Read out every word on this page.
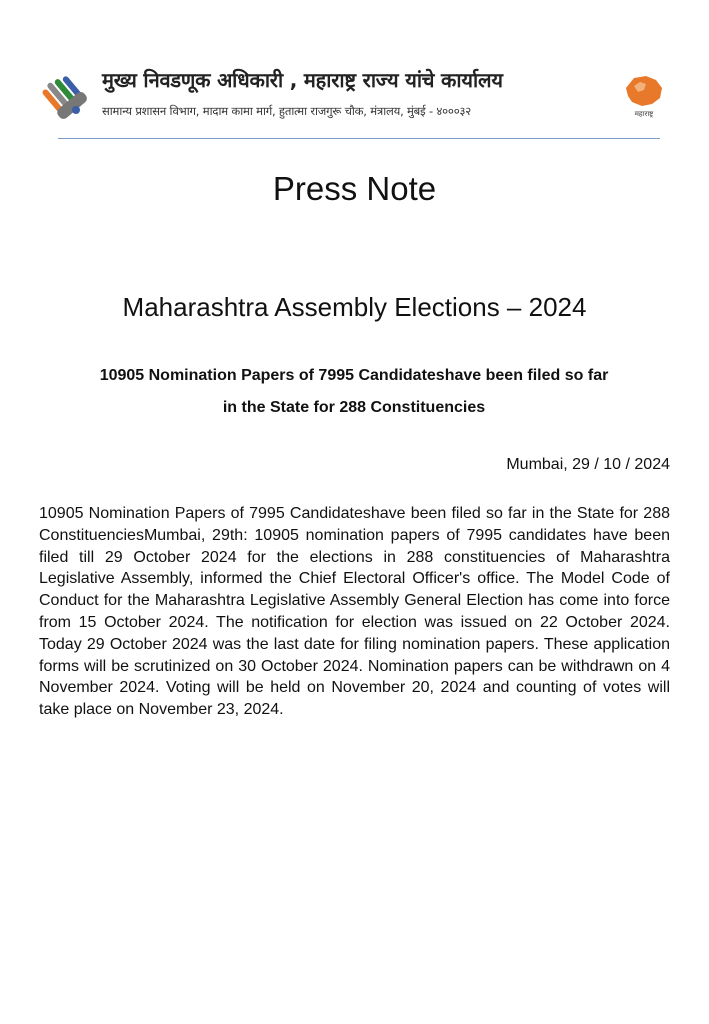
मुख्य निवडणूक अधिकारी , महाराष्ट्र राज्य यांचे कार्यालय
सामान्य प्रशासन विभाग, मादाम कामा मार्ग, हुतात्मा राजगुरू चौक, मंत्रालय, मुंबई - ४०००३२	महाराष्ट्र
Press Note
Maharashtra Assembly Elections – 2024
10905 Nomination Papers of 7995 Candidateshave been filed so far
in the State for 288 Constituencies
Mumbai, 29 / 10 / 2024
10905 Nomination Papers of 7995 Candidateshave been filed so far in the State for 288 ConstituenciesMumbai, 29th: 10905 nomination papers of 7995 candidates have been filed till 29 October 2024 for the elections in 288 constituencies of Maharashtra Legislative Assembly, informed the Chief Electoral Officer's office. The Model Code of Conduct for the Maharashtra Legislative Assembly General Election has come into force from 15 October 2024. The notification for election was issued on 22 October 2024. Today 29 October 2024 was the last date for filing nomination papers. These application forms will be scrutinized on 30 October 2024. Nomination papers can be withdrawn on 4 November 2024. Voting will be held on November 20, 2024 and counting of votes will take place on November 23, 2024.
